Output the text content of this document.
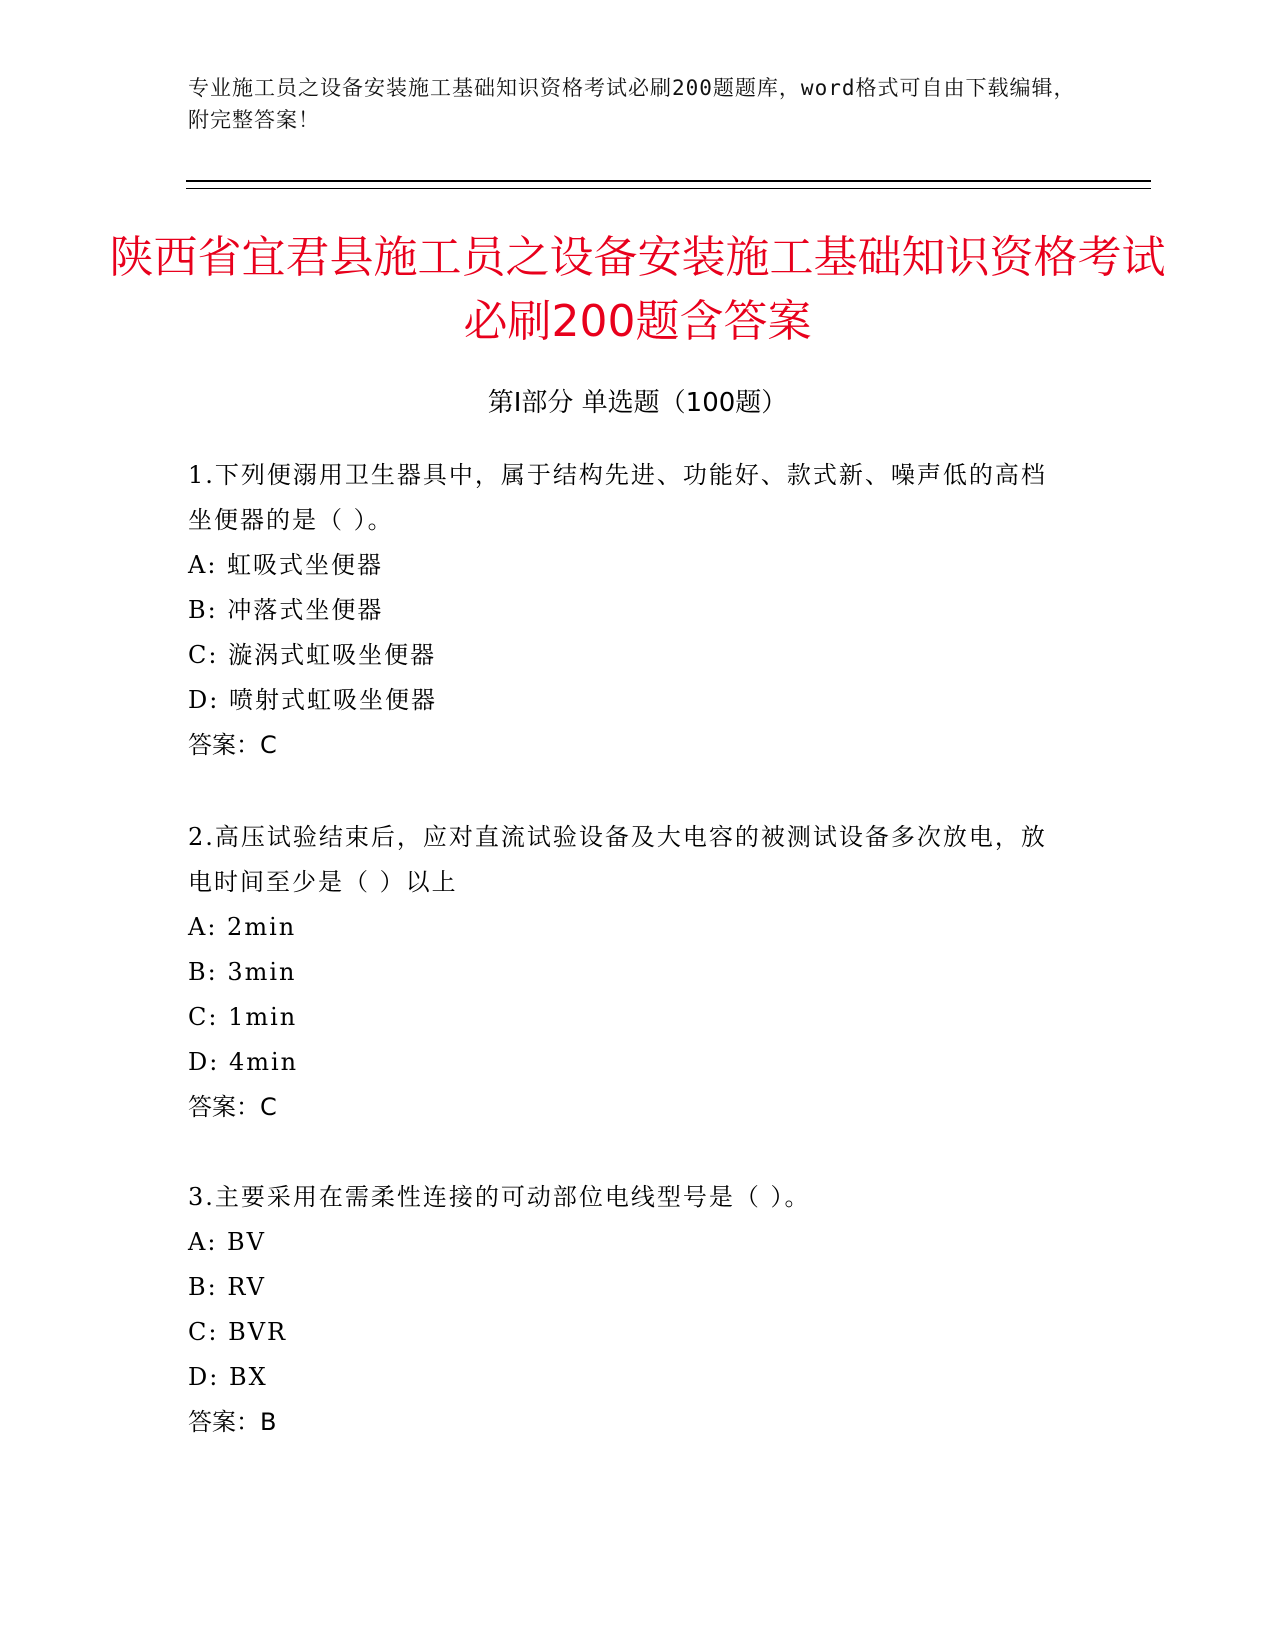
专业施工员之设备安装施工基础知识资格考试必刷200题题库，word格式可自由下载编辑，附完整答案！
陕西省宜君县施工员之设备安装施工基础知识资格考试必刷200题含答案
第Ⅰ部分 单选题（100题）

1.下列便溺用卫生器具中，属于结构先进、功能好、款式新、噪声低的高档坐便器的是（ ）。

A: 虹吸式坐便器

B: 冲落式坐便器

C: 漩涡式虹吸坐便器

D: 喷射式虹吸坐便器

答案：C

2.高压试验结束后，应对直流试验设备及大电容的被测试设备多次放电，放电时间至少是（ ）以上

A: 2min

B: 3min

C: 1min

D: 4min

答案：C

3.主要采用在需柔性连接的可动部位电线型号是（ ）。

A: BV

B: RV

C: BVR

D: BX

答案：B
